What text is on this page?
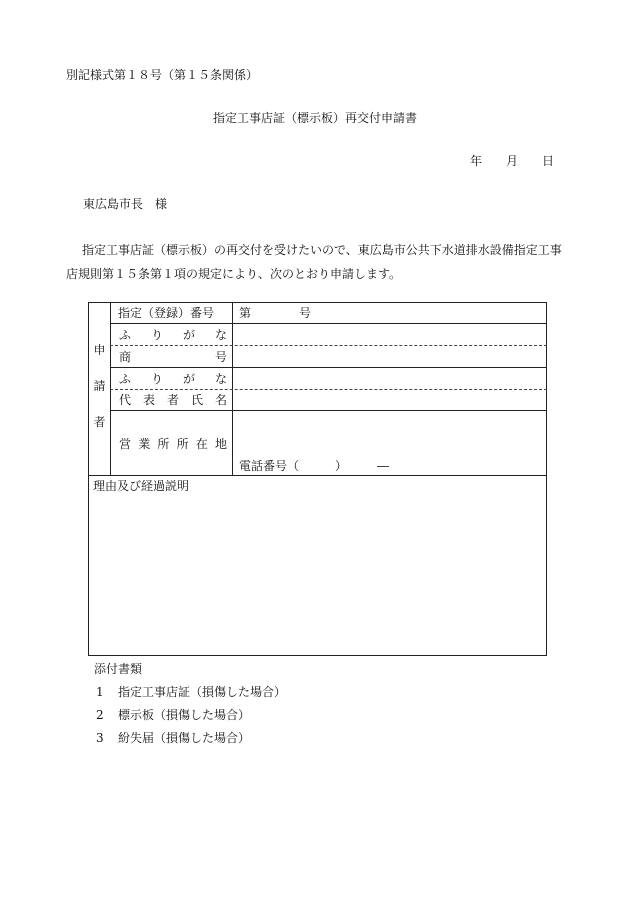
別記様式第１８号（第１５条関係）
指定工事店証（標示板）再交付申請書
年 月 日
東広島市長　様
指定工事店証（標示板）の再交付を受けたいので、東広島市公共下水道排水設備指定工事店規則第１５条第１項の規定により、次のとおり申請します。
申
請
者
指定（登録）番号 第	号
ふ り が な
商	号
ふ り が な
代 表 者 氏 名
営 業 所 所 在 地
電話番号（　　　）　　　―
理由及び経過説明
添付書類
1 指定工事店証（損傷した場合）
2 標示板（損傷した場合）
3 紛失届（損傷した場合）
